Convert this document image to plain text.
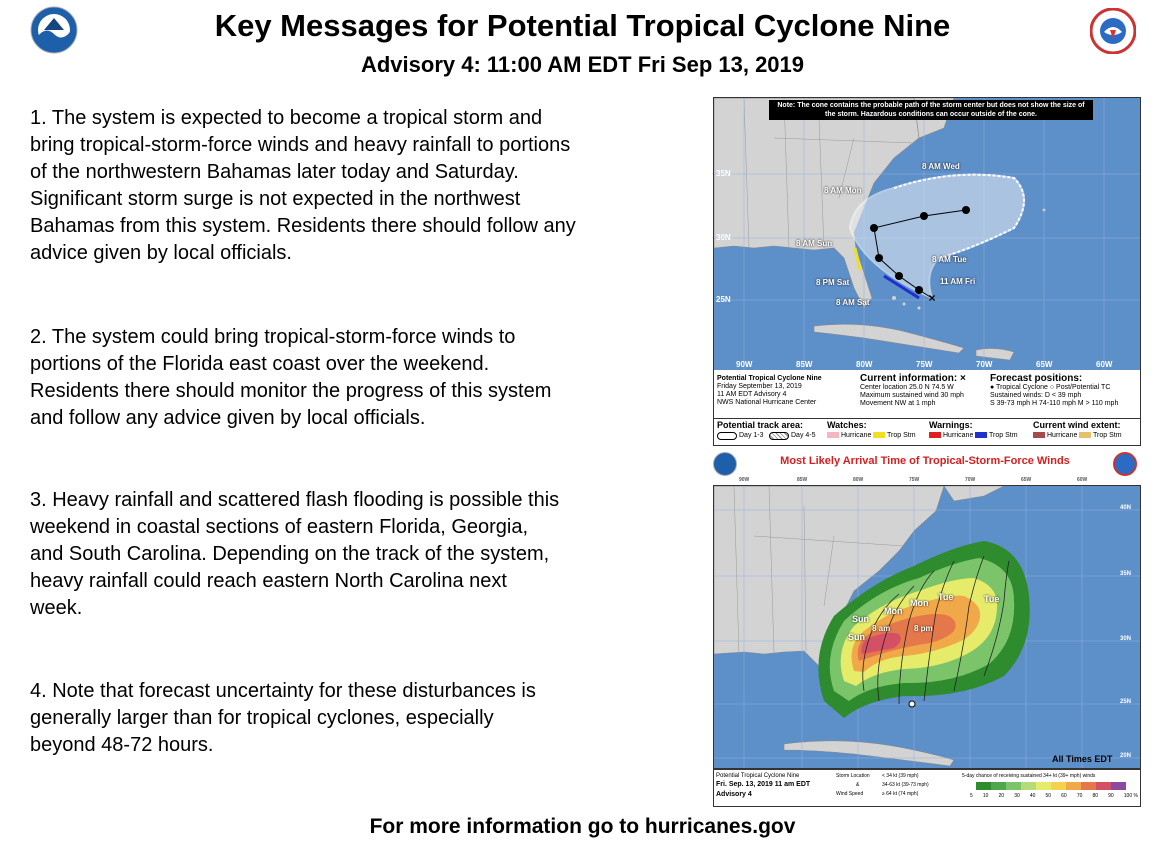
Key Messages for Potential Tropical Cyclone Nine
Advisory 4: 11:00 AM EDT Fri Sep 13, 2019
1. The system is expected to become a tropical storm and bring tropical-storm-force winds and heavy rainfall to portions of the northwestern Bahamas later today and Saturday. Significant storm surge is not expected in the northwest Bahamas from this system. Residents there should follow any advice given by local officials.
2. The system could bring tropical-storm-force winds to portions of the Florida east coast over the weekend. Residents there should monitor the progress of this system and follow any advice given by local officials.
3. Heavy rainfall and scattered flash flooding is possible this weekend in coastal sections of eastern Florida, Georgia, and South Carolina. Depending on the track of the system, heavy rainfall could reach eastern North Carolina next week.
4. Note that forecast uncertainty for these disturbances is generally larger than for tropical cyclones, especially beyond 48-72 hours.
For more information go to hurricanes.gov
×
Note: The cone contains the probable path of the storm center but does not show the size of the storm. Hazardous conditions can occur outside of the cone.
35N
30N
25N
90W	85W	80W	75W	70W	65W	60W
8 AM Wed
8 AM Mon
8 AM Sun
8 AM Tue
11 AM Fri
8 PM Sat
8 AM Sat
Potential Tropical Cyclone Nine
Friday September 13, 2019
11 AM EDT Advisory 4
NWS National Hurricane Center
Current information: ×
Center location 25.0 N 74.5 W
Maximum sustained wind 30 mph
Movement NW at 1 mph
Forecast positions:
● Tropical Cyclone ○ Post/Potential TC
Sustained winds: D < 39 mph
S 39-73 mph H 74-110 mph M > 110 mph
Potential track area:
Day 1-3	Day 4-5
Watches:
Hurricane Trop Stm
Warnings:
Hurricane Trop Stm
Current wind extent:
Hurricane Trop Stm
Most Likely Arrival Time of Tropical-Storm-Force Winds
40N
35N
30N
25N
20N
Sun
Sun
Mon
Mon
Tue	Tue
8 am	8 pm
All Times EDT
90W	85W	80W	75W	70W	65W	60W
Potential Tropical Cyclone Nine
Fri. Sep. 13, 2019 11 am EDT
Advisory 4
Storm Location
&
Wind Speed
< 34 kt (39 mph)
34-63 kt (39-73 mph)
≥ 64 kt (74 mph)
5-day chance of receiving sustained 34+ kt (39+ mph) winds
5 10 20 30 40 50 60 70 80 90 100 %
